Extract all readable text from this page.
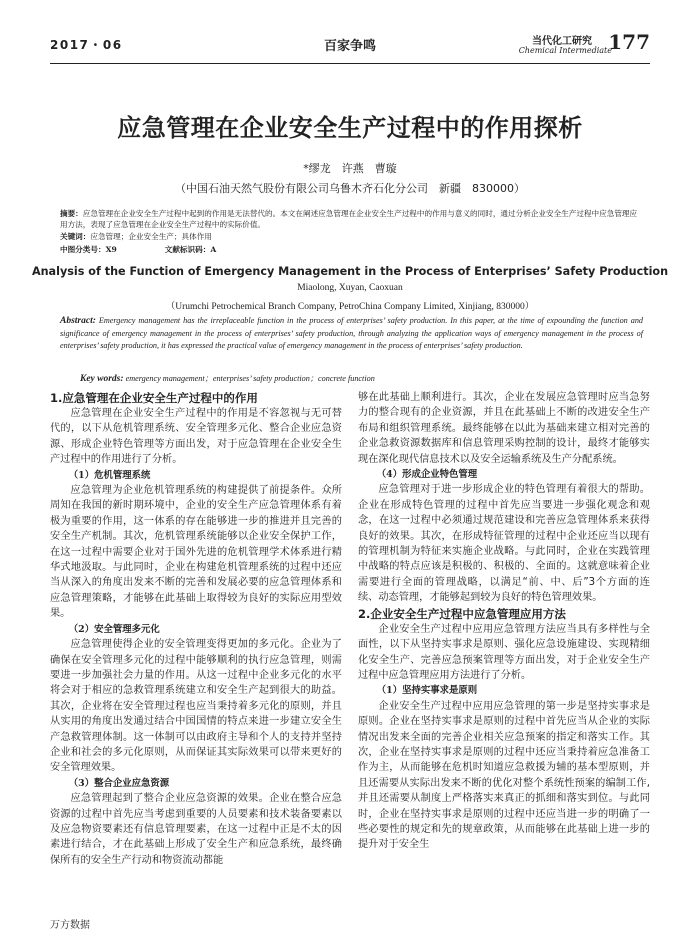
2017・06	百家争鸣	当代化工研究
Chemical Intermediate
177
应急管理在企业安全生产过程中的作用探析
*缪龙　许燕　曹璇
（中国石油天然气股份有限公司乌鲁木齐石化分公司　新疆　830000）
摘要：应急管理在企业安全生产过程中起到的作用是无法替代的。本文在阐述应急管理在企业安全生产过程中的作用与意义的同时，通过分析企业安全生产过程中应急管理应用方法，表现了应急管理在企业安全生产过程中的实际价值。
关键词：应急管理；企业安全生产；具体作用
中图分类号：X9	文献标识码：A
Analysis of the Function of Emergency Management in the Process of Enterprises’ Safety Production
Miaolong, Xuyan, Caoxuan
（Urumchi Petrochemical Branch Company, PetroChina Company Limited, Xinjiang, 830000）
Abstract: Emergency management has the irreplaceable function in the process of enterprises’ safety production. In this paper, at the time of expounding the function and significance of emergency management in the process of enterprises’ safety production, through analyzing the application ways of emergency management in the process of enterprises’ safety production, it has expressed the practical value of emergency management in the process of enterprises’ safety production.
Key words: emergency management；enterprises’ safety production；concrete function
1.应急管理在企业安全生产过程中的作用

应急管理在企业安全生产过程中的作用是不容忽视与无可替代的，以下从危机管理系统、安全管理多元化、整合企业应急资源、形成企业特色管理等方面出发，对于应急管理在企业安全生产过程中的作用进行了分析。

（1）危机管理系统

应急管理为企业危机管理系统的构建提供了前提条件。众所周知在我国的新时期环境中，企业的安全生产应急管理体系有着极为重要的作用，这一体系的存在能够进一步的推进并且完善的安全生产机制。其次，危机管理系统能够以企业安全保护工作，在这一过程中需要企业对于国外先进的危机管理学术体系进行精华式地汲取。与此同时，企业在构建危机管理系统的过程中还应当从深入的角度出发来不断的完善和发展必要的应急管理体系和应急管理策略，才能够在此基础上取得较为良好的实际应用型效果。

（2）安全管理多元化

应急管理使得企业的安全管理变得更加的多元化。企业为了确保在安全管理多元化的过程中能够顺利的执行应急管理，则需要进一步加强社会力量的作用。从这一过程中企业多元化的水平将会对于相应的急救管理系统建立和安全生产起到很大的助益。其次，企业将在安全管理过程也应当秉持着多元化的原则，并且从实用的角度出发通过结合中国国情的特点来进一步建立安全生产急救管理体制。这一体制可以由政府主导和个人的支持并坚持企业和社会的多元化原则，从而保证其实际效果可以带来更好的安全管理效果。

（3）整合企业应急资源

应急管理起到了整合企业应急资源的效果。企业在整合应急资源的过程中首先应当考虑到重要的人员要素和技术装备要素以及应急物资要素还有信息管理要素，在这一过程中正是不太的因素进行结合，才在此基础上形成了安全生产和应急系统，最终确保所有的安全生产行动和物资流动都能

够在此基础上顺利进行。其次，企业在发展应急管理时应当急努力的整合现有的企业资源，并且在此基础上不断的改进安全生产布局和组织管理系统。最终能够在以此为基础来建立相对完善的企业急救资源数据库和信息管理采购控制的设计，最终才能够实现在深化现代信息技术以及安全运输系统及生产分配系统。

（4）形成企业特色管理

应急管理对于进一步形成企业的特色管理有着很大的帮助。企业在形成特色管理的过程中首先应当要进一步强化观念和观念，在这一过程中必须通过规范建设和完善应急管理体系来获得良好的效果。其次，在形成特征管理的过程中企业还应当以现有的管理机制为特征来实施企业战略。与此同时，企业在实践管理中战略的特点应该是积极的、积极的、全面的。这就意味着企业需要进行全面的管理战略，以满足“前、中、后”3个方面的连续、动态管理，才能够起到较为良好的特色管理效果。

2.企业安全生产过程中应急管理应用方法

企业安全生产过程中应用应急管理方法应当具有多样性与全面性，以下从坚持实事求是原则、强化应急设施建设、实现精细化安全生产、完善应急预案管理等方面出发，对于企业安全生产过程中应急管理应用方法进行了分析。

（1）坚持实事求是原则

企业安全生产过程中应用应急管理的第一步是坚持实事求是原则。企业在坚持实事求是原则的过程中首先应当从企业的实际情况出发来全面的完善企业相关应急预案的指定和落实工作。其次，企业在坚持实事求是原则的过程中还应当秉持着应急准备工作为主，从而能够在危机时知道应急救援为辅的基本型原则，并且还需要从实际出发来不断的优化对整个系统性预案的编制工作,并且还需要从制度上严格落实来真正的抓细和落实到位。与此同时，企业在坚持实事求是原则的过程中还应当进一步的明确了一些必要性的规定和先的规章政策，从而能够在此基础上进一步的提升对于安全生

万方数据
